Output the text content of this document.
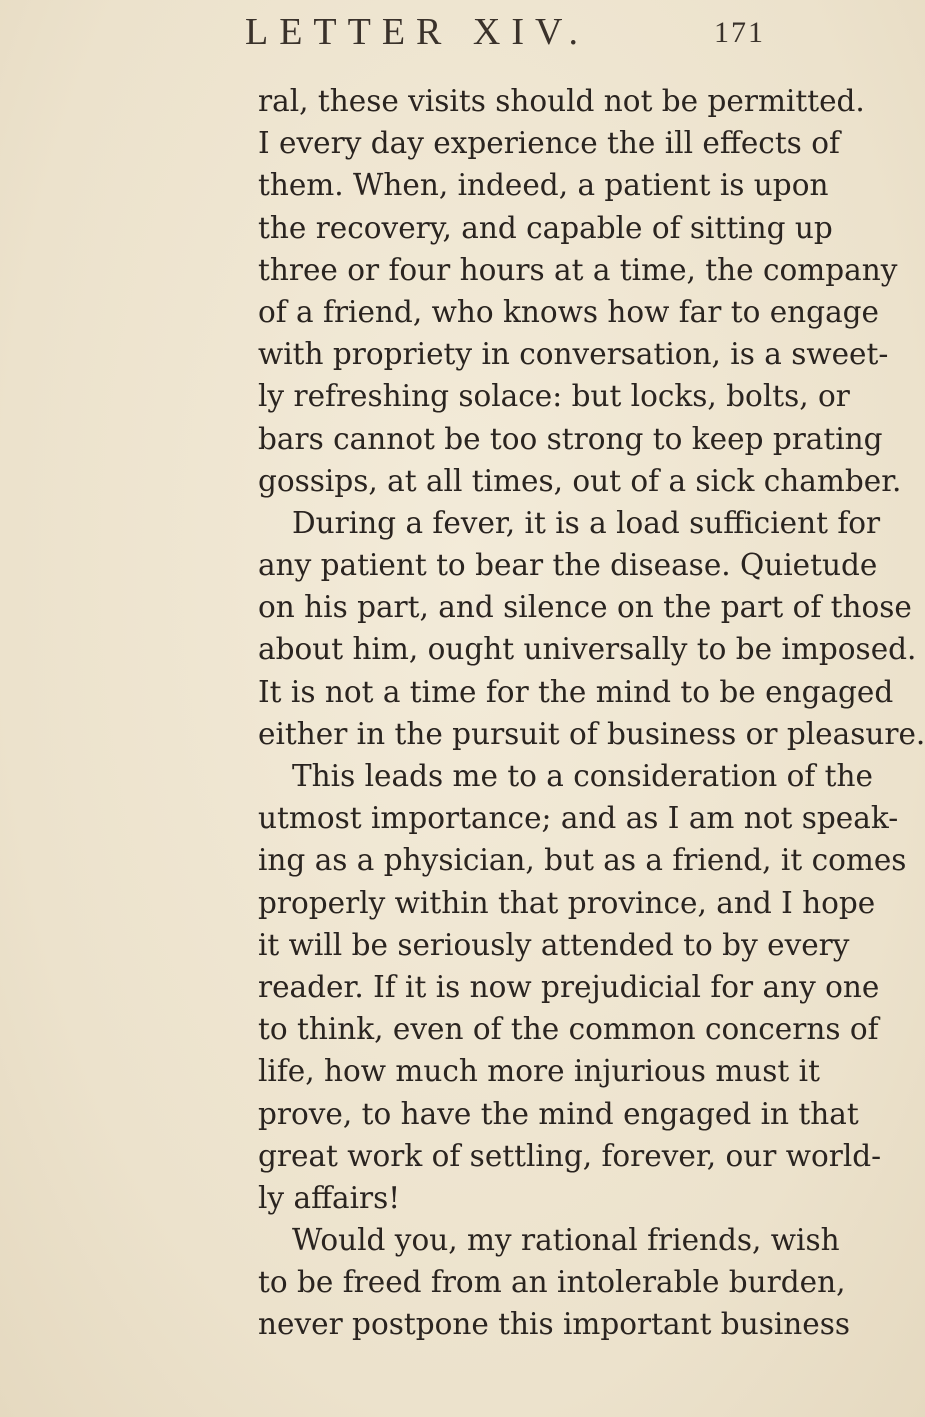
LETTER XIV.	171
ral, these visits should not be permitted.
I every day experience the ill effects of
them. When, indeed, a patient is upon
the recovery, and capable of sitting up
three or four hours at a time, the company
of a friend, who knows how far to engage
with propriety in conversation, is a sweet-
ly refreshing solace: but locks, bolts, or
bars cannot be too strong to keep prating
gossips, at all times, out of a sick chamber.
During a fever, it is a load sufficient for
any patient to bear the disease. Quietude
on his part, and silence on the part of those
about him, ought universally to be imposed.
It is not a time for the mind to be engaged
either in the pursuit of business or pleasure.
This leads me to a consideration of the
utmost importance; and as I am not speak-
ing as a physician, but as a friend, it comes
properly within that province, and I hope
it will be seriously attended to by every
reader. If it is now prejudicial for any one
to think, even of the common concerns of
life, how much more injurious must it
prove, to have the mind engaged in that
great work of settling, forever, our world-
ly affairs!
Would you, my rational friends, wish
to be freed from an intolerable burden,
never postpone this important business
